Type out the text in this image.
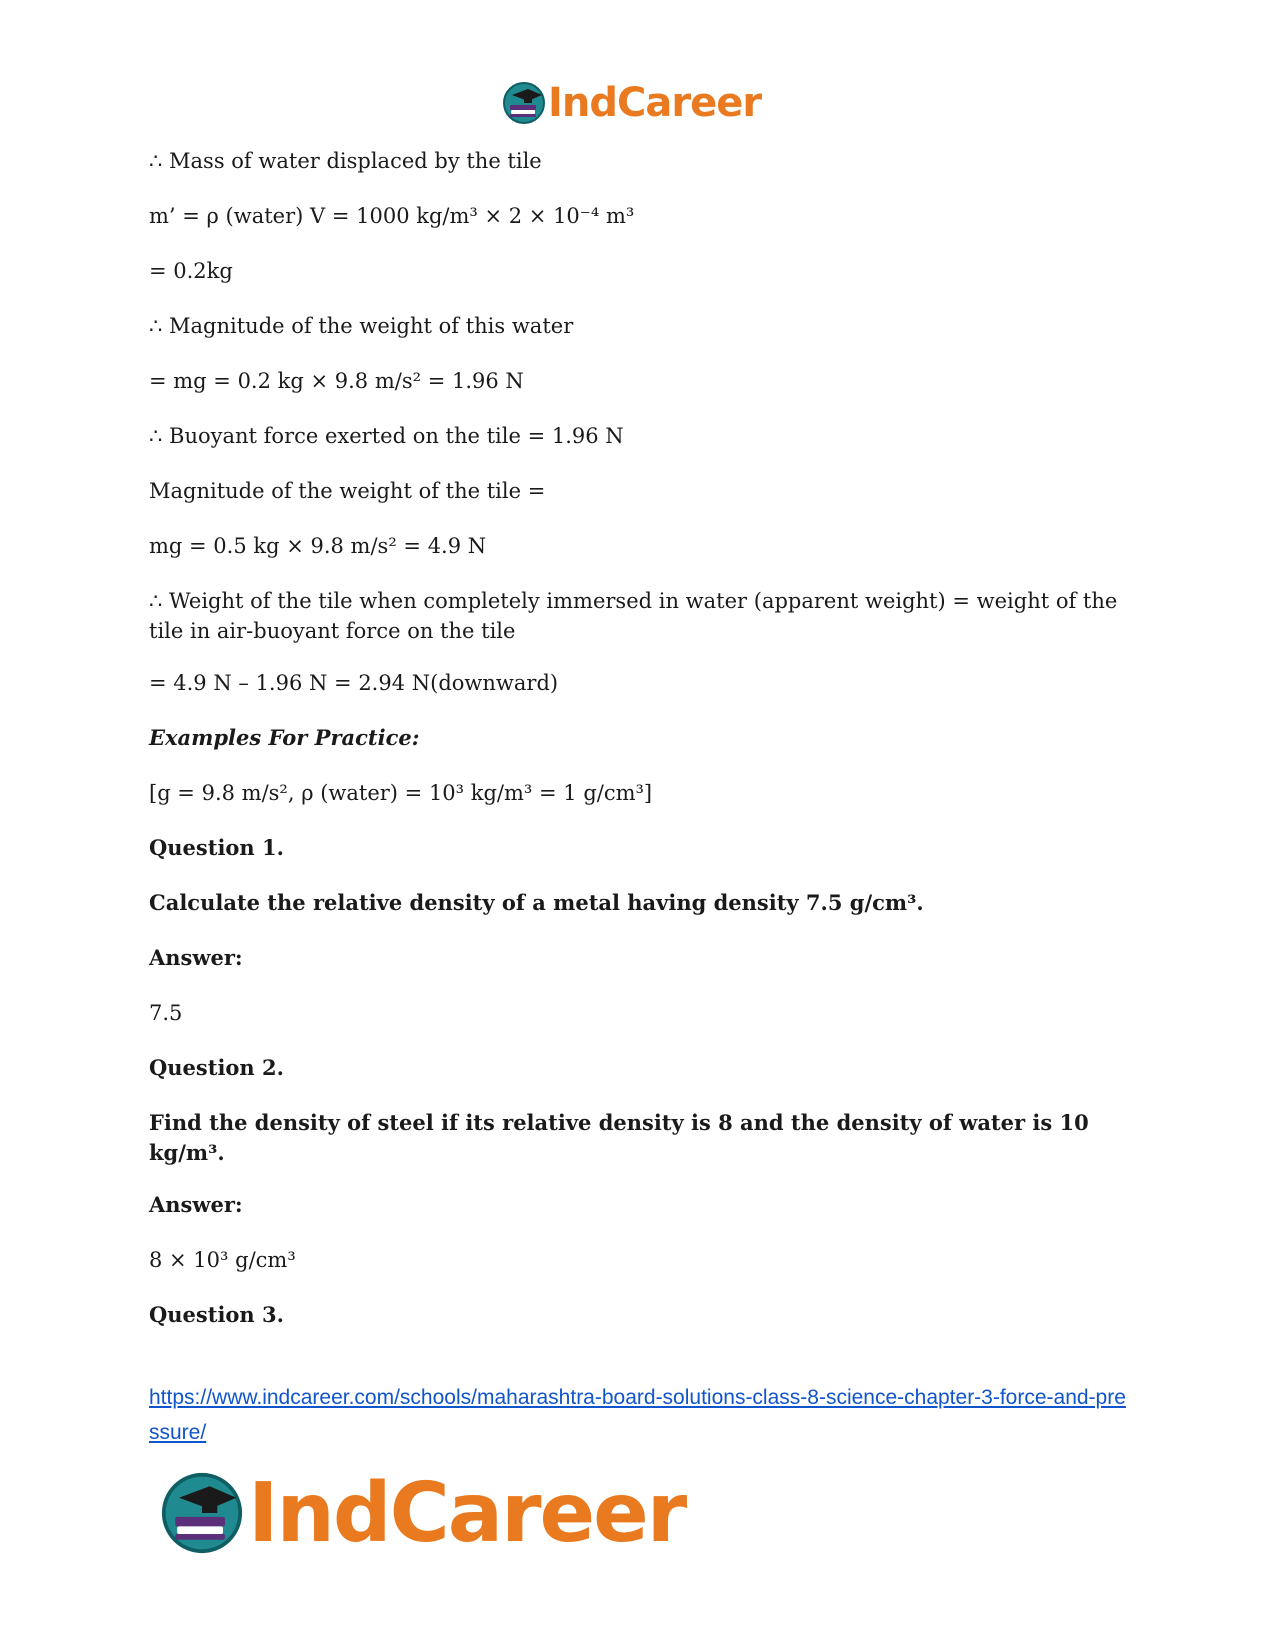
IndCareer

∴ Mass of water displaced by the tile

m’ = ρ (water) V = 1000 kg/m³ × 2 × 10⁻⁴ m³

= 0.2kg

∴ Magnitude of the weight of this water

= mg = 0.2 kg × 9.8 m/s² = 1.96 N

∴ Buoyant force exerted on the tile = 1.96 N

Magnitude of the weight of the tile =

mg = 0.5 kg × 9.8 m/s² = 4.9 N

∴ Weight of the tile when completely immersed in water (apparent weight) = weight of the tile in air-buoyant force on the tile

= 4.9 N – 1.96 N = 2.94 N(downward)

Examples For Practice:

[g = 9.8 m/s², ρ (water) = 10³ kg/m³ = 1 g/cm³]

Question 1.

Calculate the relative density of a metal having density 7.5 g/cm³.

Answer:

7.5

Question 2.

Find the density of steel if its relative density is 8 and the density of water is 10 kg/m³.

Answer:

8 × 10³ g/cm³

Question 3.

https://www.indcareer.com/schools/maharashtra-board-solutions-class-8-science-chapter-3-force-and-pressure/
IndCareer
